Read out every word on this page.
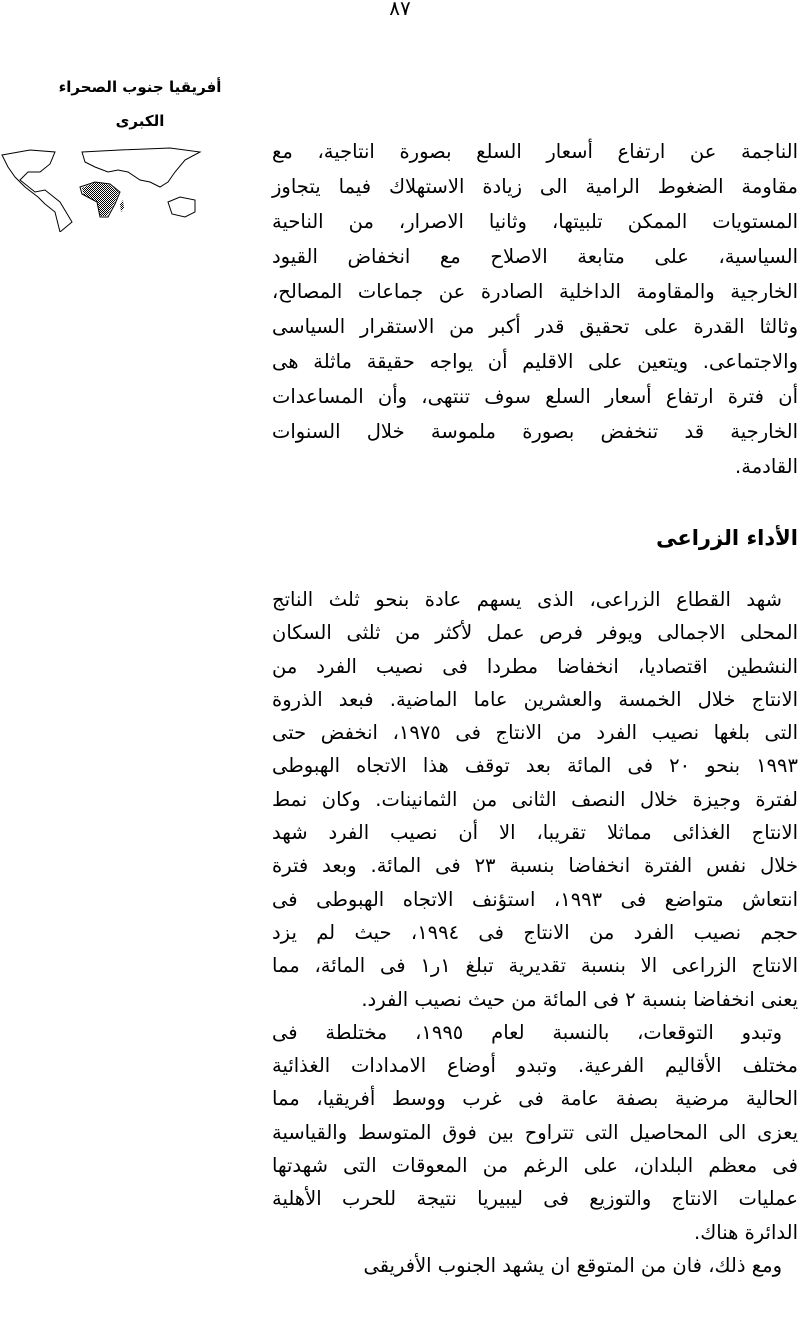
٨٧
أفريقيا جنوب الصحراء
الكبرى
الناجمة عن ارتفاع أسعار السلع بصورة انتاجية، مع
مقاومة الضغوط الرامية الى زيادة الاستهلاك فيما يتجاوز
المستويات الممكن تلبيتها، وثانيا الاصرار، من الناحية
السياسية، على متابعة الاصلاح مع انخفاض القيود
الخارجية والمقاومة الداخلية الصادرة عن جماعات المصالح،
وثالثا القدرة على تحقيق قدر أكبر من الاستقرار السياسى
والاجتماعى. ويتعين على الاقليم أن يواجه حقيقة ماثلة هى
أن فترة ارتفاع أسعار السلع سوف تنتهى، وأن المساعدات
الخارجية قد تنخفض بصورة ملموسة خلال السنوات
القادمة.
الأداء الزراعى
شهد القطاع الزراعى، الذى يسهم عادة بنحو ثلث الناتج
المحلى الاجمالى ويوفر فرص عمل لأكثر من ثلثى السكان
النشطين اقتصاديا، انخفاضا مطردا فى نصيب الفرد من
الانتاج خلال الخمسة والعشرين عاما الماضية. فبعد الذروة
التى بلغها نصيب الفرد من الانتاج فى ١٩٧٥، انخفض حتى
١٩٩٣ بنحو ٢٠ فى المائة بعد توقف هذا الاتجاه الهبوطى
لفترة وجيزة خلال النصف الثانى من الثمانينات. وكان نمط
الانتاج الغذائى مماثلا تقريبا، الا أن نصيب الفرد شهد
خلال نفس الفترة انخفاضا بنسبة ٢٣ فى المائة. وبعد فترة
انتعاش متواضع فى ١٩٩٣، استؤنف الاتجاه الهبوطى فى
حجم نصيب الفرد من الانتاج فى ١٩٩٤، حيث لم يزد
الانتاج الزراعى الا بنسبة تقديرية تبلغ ١ر١ فى المائة، مما
يعنى انخفاضا بنسبة ٢ فى المائة من حيث نصيب الفرد.
وتبدو التوقعات، بالنسبة لعام ١٩٩٥، مختلطة فى
مختلف الأقاليم الفرعية. وتبدو أوضاع الامدادات الغذائية
الحالية مرضية بصفة عامة فى غرب ووسط أفريقيا، مما
يعزى الى المحاصيل التى تتراوح بين فوق المتوسط والقياسية
فى معظم البلدان، على الرغم من المعوقات التى شهدتها
عمليات الانتاج والتوزيع فى ليبيريا نتيجة للحرب الأهلية
الدائرة هناك.
ومع ذلك، فان من المتوقع ان يشهد الجنوب الأفريقى
